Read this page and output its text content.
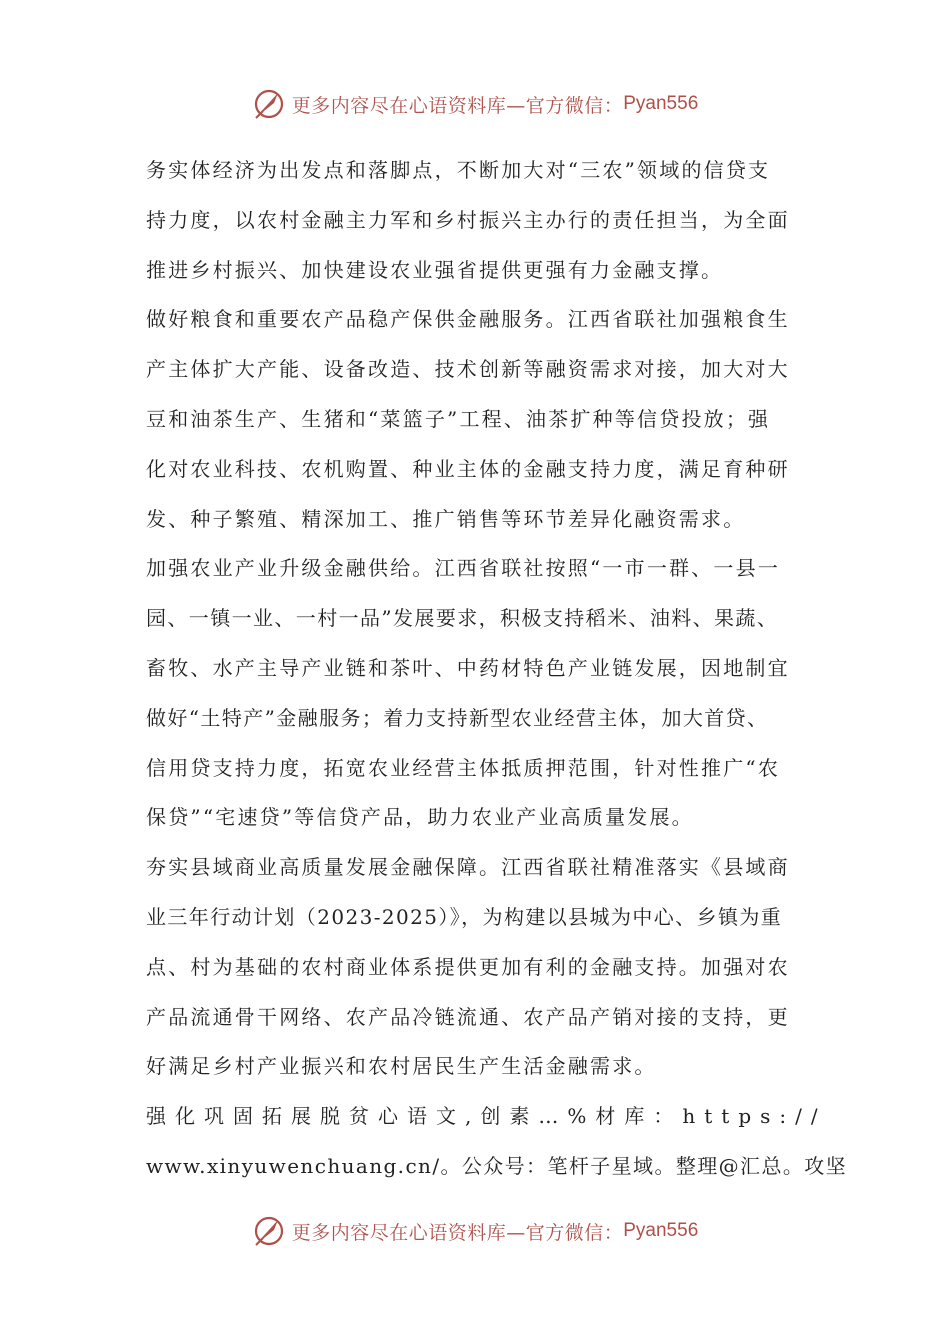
更多内容尽在心语资料库—官方微信： Pyan556
务实体经济为出发点和落脚点，不断加大对“三农”领域的信贷支
持力度，以农村金融主力军和乡村振兴主办行的责任担当，为全面
推进乡村振兴、加快建设农业强省提供更强有力金融支撑。
做好粮食和重要农产品稳产保供金融服务。江西省联社加强粮食生
产主体扩大产能、设备改造、技术创新等融资需求对接，加大对大
豆和油茶生产、生猪和“菜篮子”工程、油茶扩种等信贷投放；强
化对农业科技、农机购置、种业主体的金融支持力度，满足育种研
发、种子繁殖、精深加工、推广销售等环节差异化融资需求。
加强农业产业升级金融供给。江西省联社按照“一市一群、一县一
园、一镇一业、一村一品”发展要求，积极支持稻米、油料、果蔬、
畜牧、水产主导产业链和茶叶、中药材特色产业链发展，因地制宜
做好“土特产”金融服务；着力支持新型农业经营主体，加大首贷、
信用贷支持力度，拓宽农业经营主体抵质押范围，针对性推广“农
保贷”“宅速贷”等信贷产品，助力农业产业高质量发展。
夯实县域商业高质量发展金融保障。江西省联社精准落实《县域商
业三年行动计划（2023-2025）》，为构建以县城为中心、乡镇为重
点、村为基础的农村商业体系提供更加有利的金融支持。加强对农
产品流通骨干网络、农产品冷链流通、农产品产销对接的支持，更
好满足乡村产业振兴和农村居民生产生活金融需求。
强化巩固拓展脱贫心语文,创素…%材库：https://
www.xinyuwenchuang.cn/。公众号：笔杆子星域。整理@汇总。攻坚
更多内容尽在心语资料库—官方微信： Pyan556
